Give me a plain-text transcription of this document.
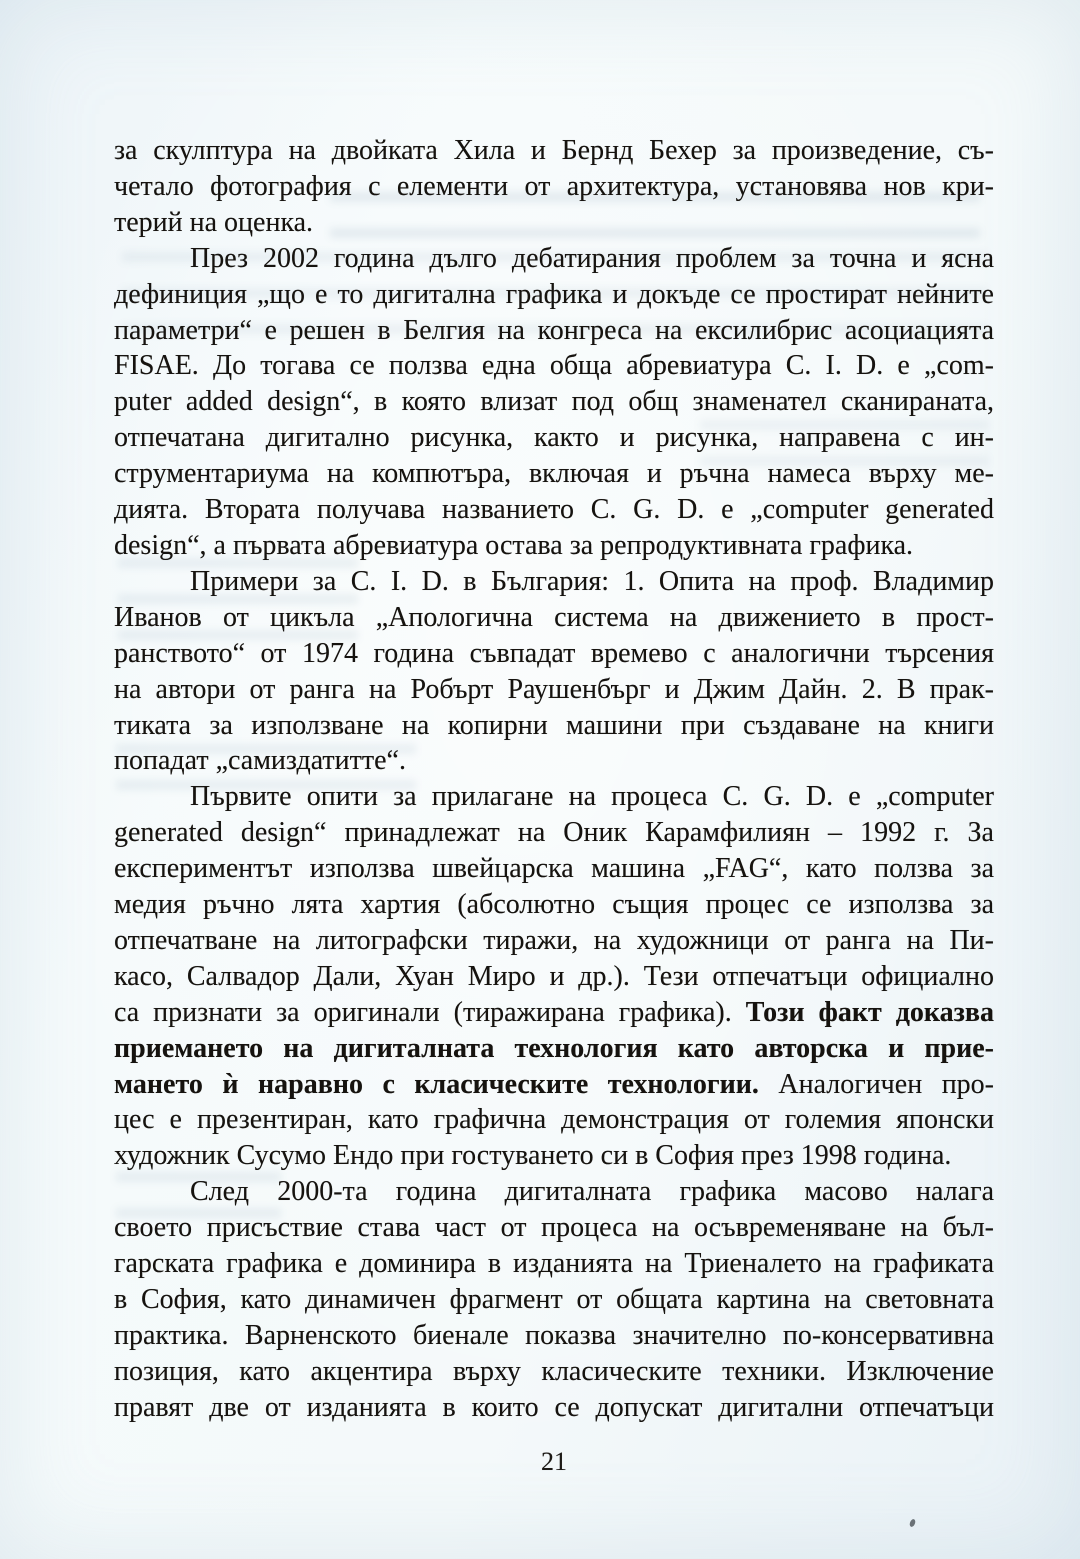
за скулптура на двойката Хила и Бернд Бехер за произведение, съ-
четало фотография с елементи от архитектура, установява нов кри-
терий на оценка.
През 2002 година дълго дебатирания проблем за точна и ясна
дефиниция „що е то дигитална графика и докъде се простират нейните
параметри“ е решен в Белгия на конгреса на ексилибрис асоциацията
FISAE. До тогава се ползва една обща абревиатура C. I. D. е „com-
puter added design“, в която влизат под общ знаменател сканираната,
отпечатана дигитално рисунка, както и рисунка, направена с ин-
струментариума на компютъра, включая и ръчна намеса върху ме-
дията. Втората получава названието C. G. D. е „computer generated
design“, а първата абревиатура остава за репродуктивната графика.
Примери за C. I. D. в България: 1. Опита на проф. Владимир
Иванов от цикъла „Апологична система на движението в прост-
ранството“ от 1974 година съвпадат времево с аналогични търсения
на автори от ранга на Робърт Раушенбърг и Джим Дайн. 2. В прак-
тиката за използване на копирни машини при създаване на книги
попадат „самиздатитте“.
Първите опити за прилагане на процеса C. G. D. е „computer
generated design“ принадлежат на Оник Карамфилиян – 1992 г. За
експериментът използва швейцарска машина „FAG“, като ползва за
медия ръчно лята хартия (абсолютно същия процес се използва за
отпечатване на литографски тиражи, на художници от ранга на Пи-
касо, Салвадор Дали, Хуан Миро и др.). Тези отпечатъци официално
са признати за оригинали (тиражирана графика). Този факт доказва
приемането на дигиталната технология като авторска и прие-
мането ѝ наравно с класическите технологии. Аналогичен про-
цес е презентиран, като графична демонстрация от големия японски
художник Сусумо Ендо при гостуването си в София през 1998 година.
След 2000-та година дигиталната графика масово налага
своето присъствие става част от процеса на осъвременяване на бъл-
гарската графика е доминира в изданията на Триеналето на графиката
в София, като динамичен фрагмент от общата картина на световната
практика. Варненското биенале показва значително по-консервативна
позиция, като акцентира върху класическите техники. Изключение
правят две от изданията в които се допускат дигитални отпечатъци
21
